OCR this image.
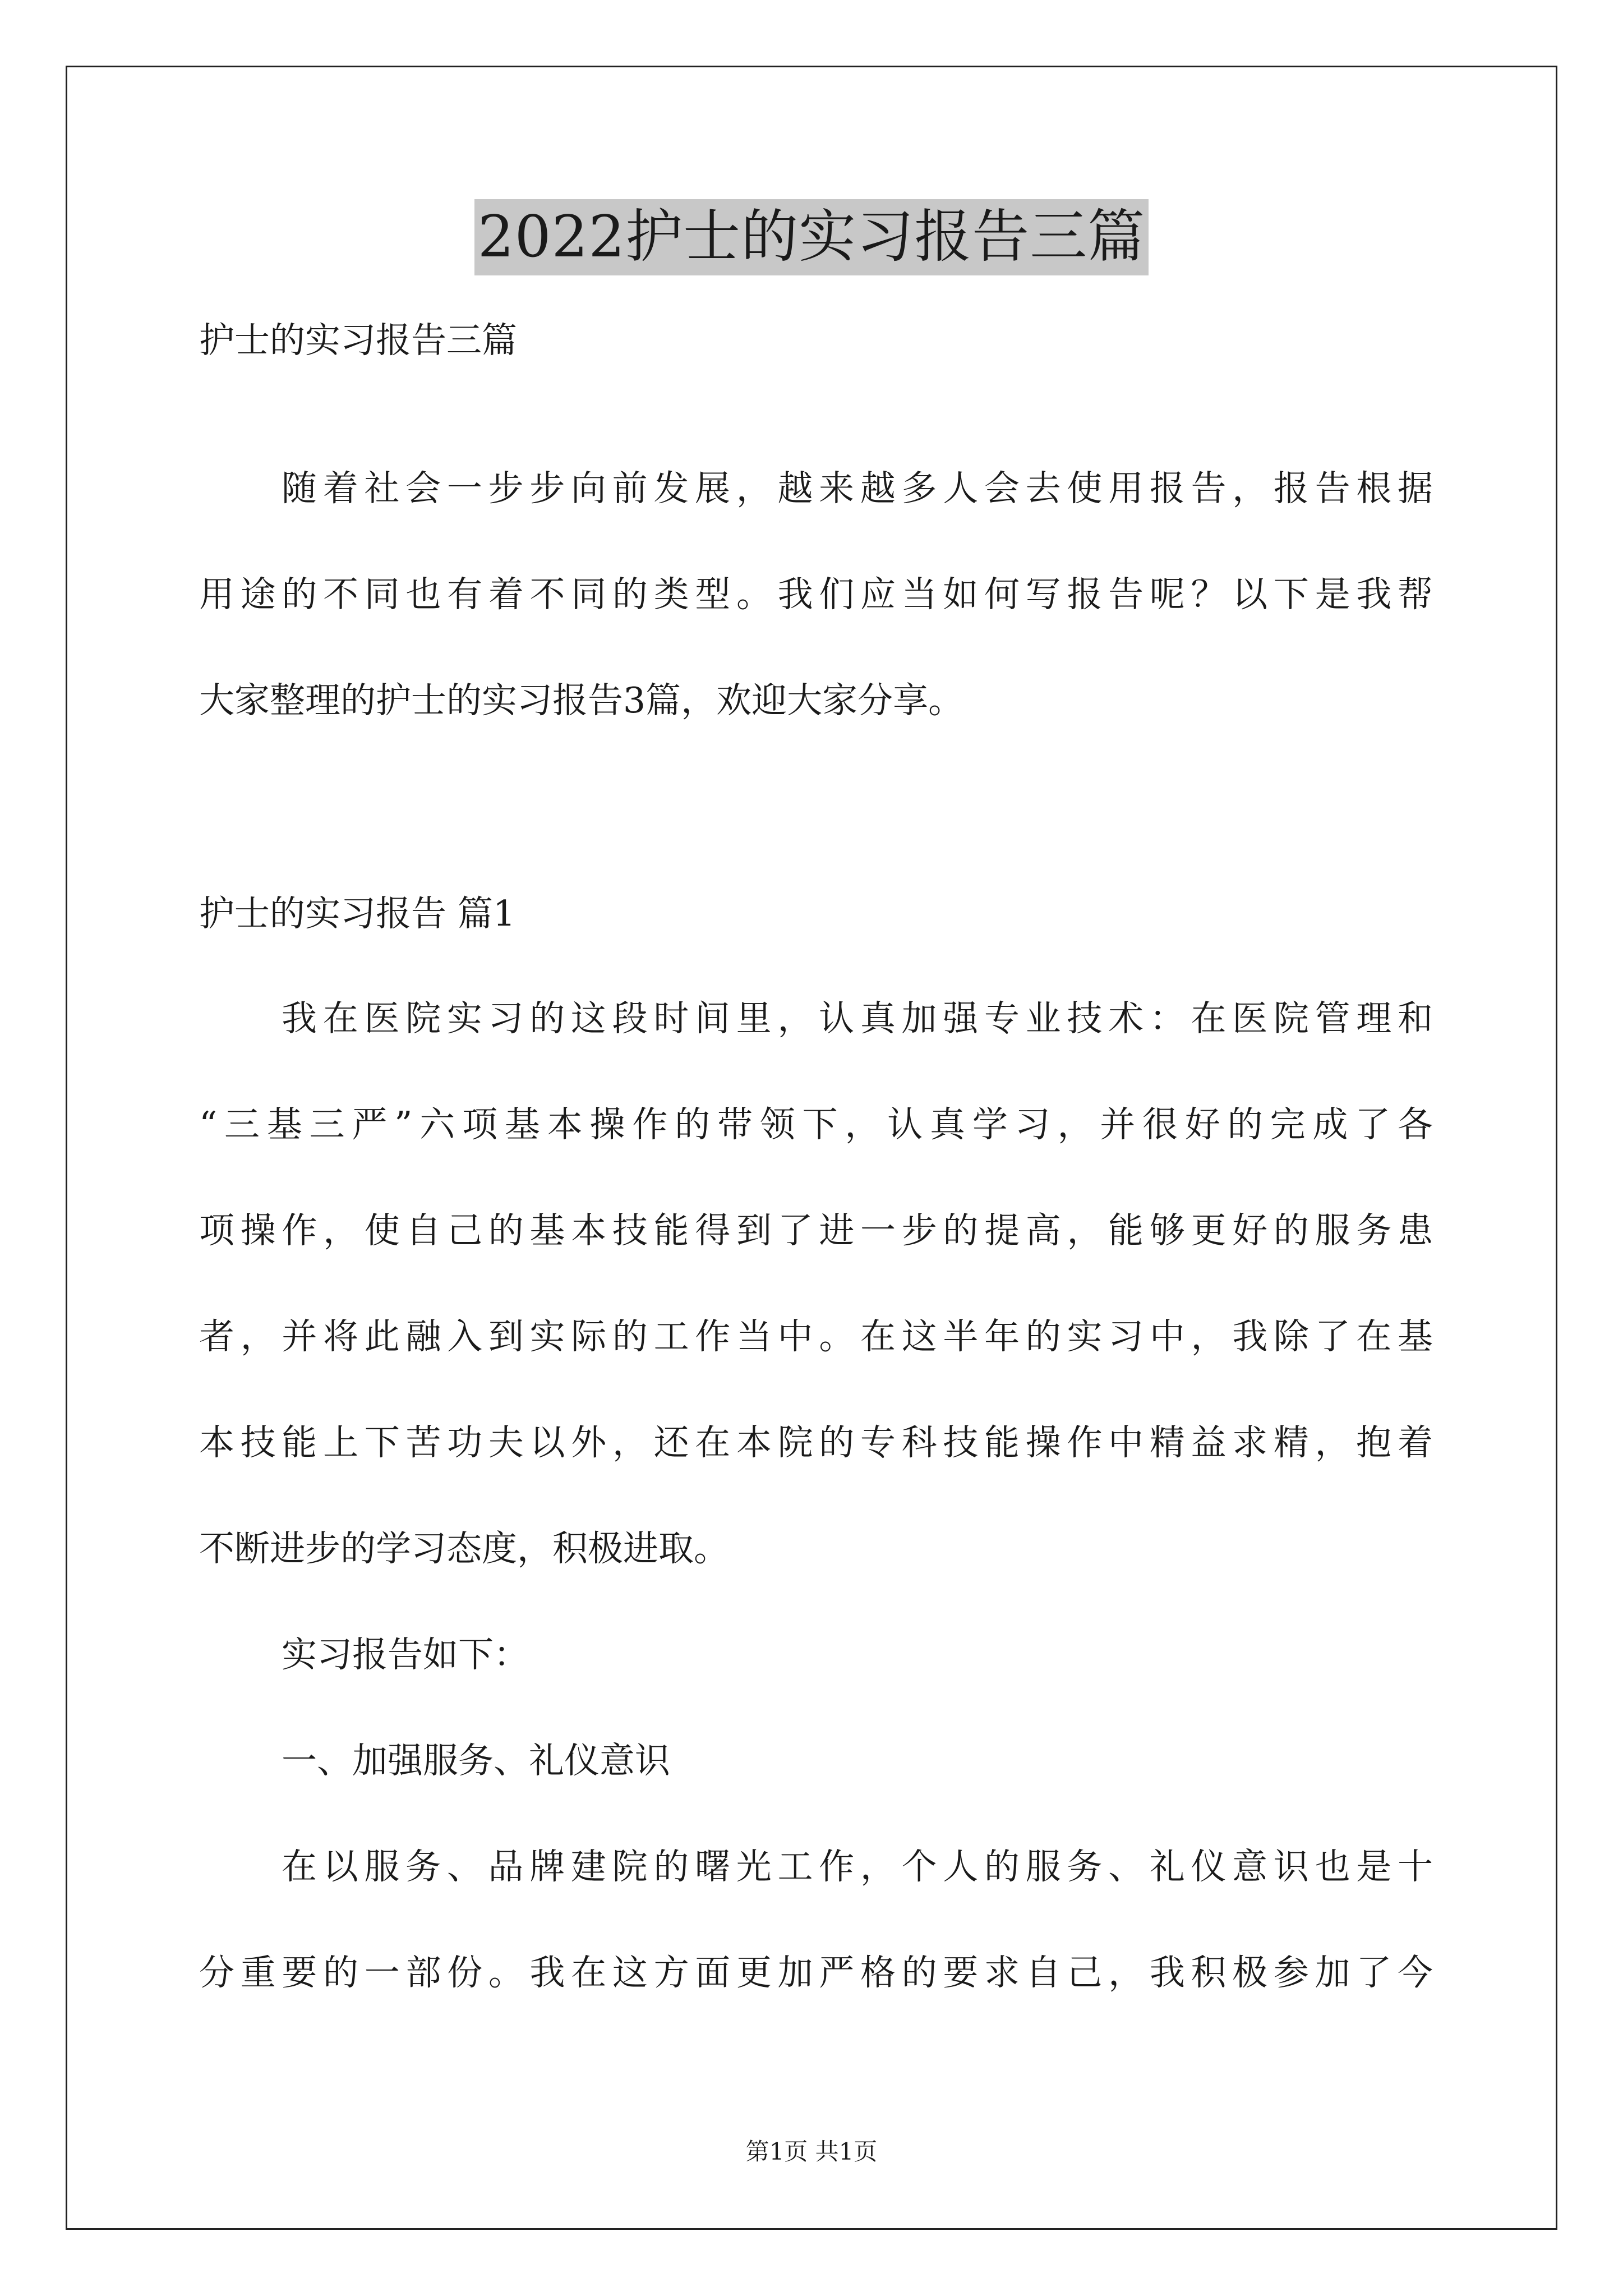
2022护士的实习报告三篇
护士的实习报告三篇
随着社会一步步向前发展，越来越多人会去使用报告，报告根据
用途的不同也有着不同的类型。我们应当如何写报告呢？以下是我帮
大家整理的护士的实习报告3篇，欢迎大家分享。
护士的实习报告 篇1
我在医院实习的这段时间里，认真加强专业技术：在医院管理和
“三基三严”六项基本操作的带领下，认真学习，并很好的完成了各
项操作，使自己的基本技能得到了进一步的提高，能够更好的服务患
者，并将此融入到实际的工作当中。在这半年的实习中，我除了在基
本技能上下苦功夫以外，还在本院的专科技能操作中精益求精，抱着
不断进步的学习态度，积极进取。
实习报告如下：
一、加强服务、礼仪意识
在以服务、品牌建院的曙光工作，个人的服务、礼仪意识也是十
分重要的一部份。我在这方面更加严格的要求自己，我积极参加了今
第1页 共1页
